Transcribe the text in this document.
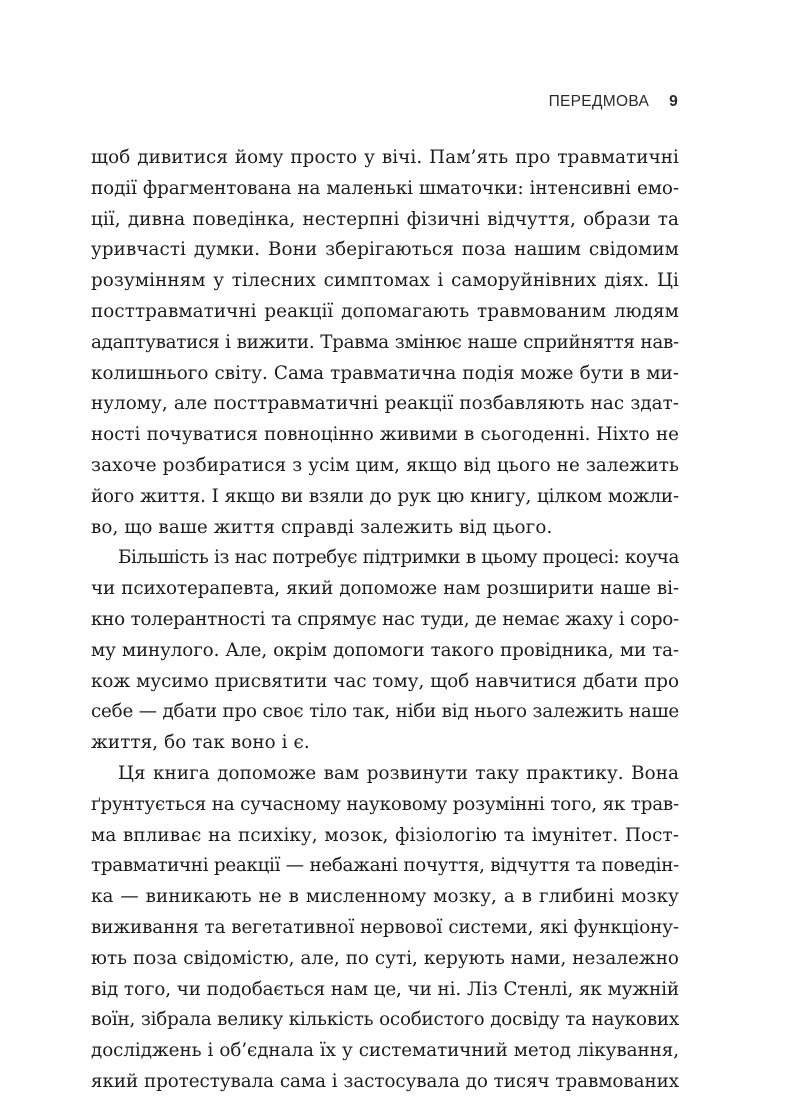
ПЕРЕДМОВА 9

щоб дивитися йому просто у вічі. Пам’ять про травматичні
події фрагментована на маленькі шматочки: інтенсивні емо-
ції, дивна поведінка, нестерпні фізичні відчуття, образи та
уривчасті думки. Вони зберігаються поза нашим свідомим
розумінням у тілесних симптомах і саморуйнівних діях. Ці
посттравматичні реакції допомагають травмованим людям
адаптуватися і вижити. Травма змінює наше сприйняття нав-
колишнього світу. Сама травматична подія може бути в ми-
нулому, але посттравматичні реакції позбавляють нас здат-
ності почуватися повноцінно живими в сьогоденні. Ніхто не
захоче розбиратися з усім цим, якщо від цього не залежить
його життя. І якщо ви взяли до рук цю книгу, цілком можли-
во, що ваше життя справді залежить від цього.

Більшість із нас потребує підтримки в цьому процесі: коуча
чи психотерапевта, який допоможе нам розширити наше ві-
кно толерантності та спрямує нас туди, де немає жаху і соро-
му минулого. Але, окрім допомоги такого провідника, ми та-
кож мусимо присвятити час тому, щоб навчитися дбати про
себе — дбати про своє тіло так, ніби від нього залежить наше
життя, бо так воно і є.

Ця книга допоможе вам розвинути таку практику. Вона
ґрунтується на сучасному науковому розумінні того, як трав-
ма впливає на психіку, мозок, фізіологію та імунітет. Пост-
травматичні реакції — небажані почуття, відчуття та поведін-
ка — виникають не в мисленному мозку, а в глибині мозку
виживання та вегетативної нервової системи, які функціону-
ють поза свідомістю, але, по суті, керують нами, незалежно
від того, чи подобається нам це, чи ні. Ліз Стенлі, як мужній
воїн, зібрала велику кількість особистого досвіду та наукових
досліджень і об’єднала їх у систематичний метод лікування,
який протестувала сама і застосувала до тисяч травмованих
